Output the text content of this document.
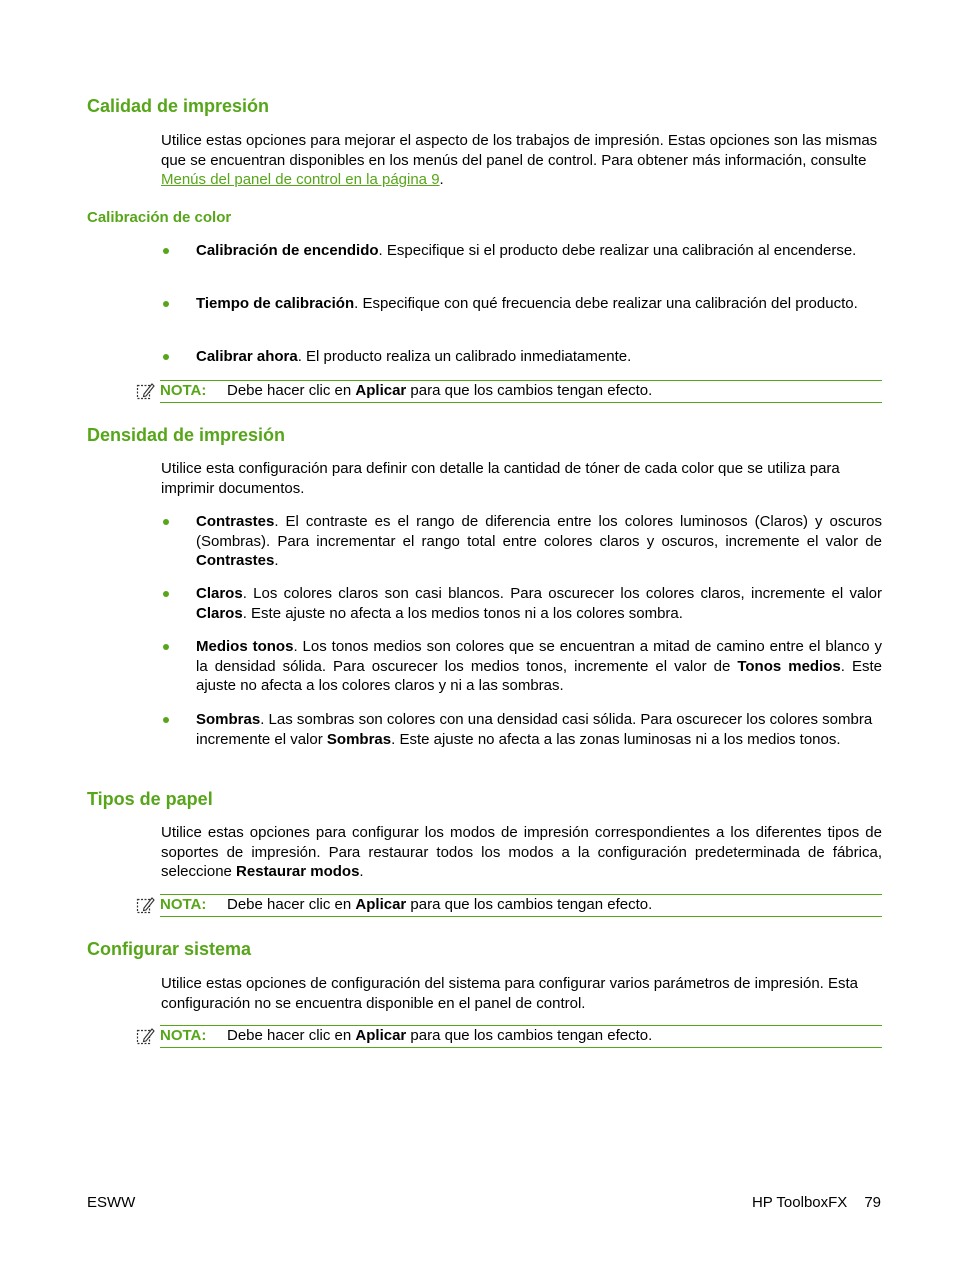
Calidad de impresión

Utilice estas opciones para mejorar el aspecto de los trabajos de impresión. Estas opciones son las mismas que se encuentran disponibles en los menús del panel de control. Para obtener más información, consulte Menús del panel de control en la página 9.

Calibración de color
Calibración de encendido. Especifique si el producto debe realizar una calibración al encenderse.
Tiempo de calibración. Especifique con qué frecuencia debe realizar una calibración del producto.
Calibrar ahora. El producto realiza un calibrado inmediatamente.
NOTA: Debe hacer clic en Aplicar para que los cambios tengan efecto.
Densidad de impresión

Utilice esta configuración para definir con detalle la cantidad de tóner de cada color que se utiliza para imprimir documentos.

Contrastes. El contraste es el rango de diferencia entre los colores luminosos (Claros) y oscuros (Sombras). Para incrementar el rango total entre colores claros y oscuros, incremente el valor de Contrastes.
Claros. Los colores claros son casi blancos. Para oscurecer los colores claros, incremente el valor Claros. Este ajuste no afecta a los medios tonos ni a los colores sombra.
Medios tonos. Los tonos medios son colores que se encuentran a mitad de camino entre el blanco y la densidad sólida. Para oscurecer los medios tonos, incremente el valor de Tonos medios. Este ajuste no afecta a los colores claros y ni a las sombras.
Sombras. Las sombras son colores con una densidad casi sólida. Para oscurecer los colores sombra incremente el valor Sombras. Este ajuste no afecta a las zonas luminosas ni a los medios tonos.
Tipos de papel

Utilice estas opciones para configurar los modos de impresión correspondientes a los diferentes tipos de soportes de impresión. Para restaurar todos los modos a la configuración predeterminada de fábrica, seleccione Restaurar modos.

NOTA: Debe hacer clic en Aplicar para que los cambios tengan efecto.
Configurar sistema

Utilice estas opciones de configuración del sistema para configurar varios parámetros de impresión. Esta configuración no se encuentra disponible en el panel de control.

NOTA: Debe hacer clic en Aplicar para que los cambios tengan efecto.
ESWW	HP ToolboxFX 79
